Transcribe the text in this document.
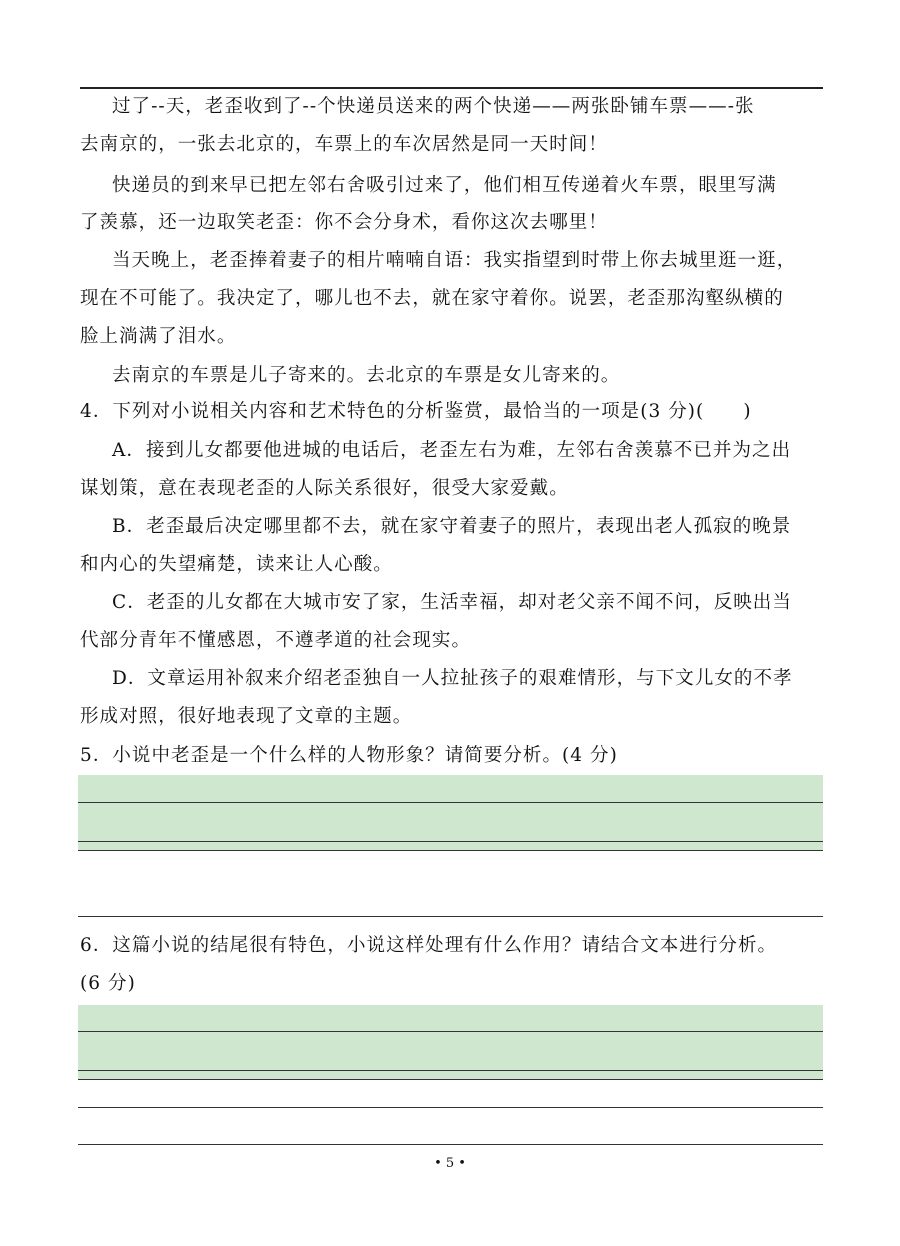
过了--天，老歪收到了--个快递员送来的两个快递——两张卧铺车票——-张
去南京的，一张去北京的，车票上的车次居然是同一天时间！
快递员的到来早已把左邻右舍吸引过来了，他们相互传递着火车票，眼里写满
了羡慕，还一边取笑老歪：你不会分身术，看你这次去哪里！
当天晚上，老歪捧着妻子的相片喃喃自语：我实指望到时带上你去城里逛一逛，
现在不可能了。我决定了，哪儿也不去，就在家守着你。说罢，老歪那沟壑纵横的
脸上淌满了泪水。
去南京的车票是儿子寄来的。去北京的车票是女儿寄来的。
4．下列对小说相关内容和艺术特色的分析鉴赏，最恰当的一项是(3 分)(　　)
A．接到儿女都要他进城的电话后，老歪左右为难，左邻右舍羡慕不已并为之出
谋划策，意在表现老歪的人际关系很好，很受大家爱戴。
B．老歪最后决定哪里都不去，就在家守着妻子的照片，表现出老人孤寂的晚景
和内心的失望痛楚，读来让人心酸。
C．老歪的儿女都在大城市安了家，生活幸福，却对老父亲不闻不问，反映出当
代部分青年不懂感恩，不遵孝道的社会现实。
D．文章运用补叙来介绍老歪独自一人拉扯孩子的艰难情形，与下文儿女的不孝
形成对照，很好地表现了文章的主题。
5．小说中老歪是一个什么样的人物形象？请简要分析。(4 分)
6．这篇小说的结尾很有特色，小说这样处理有什么作用？请结合文本进行分析。
(6 分)
• 5 •
